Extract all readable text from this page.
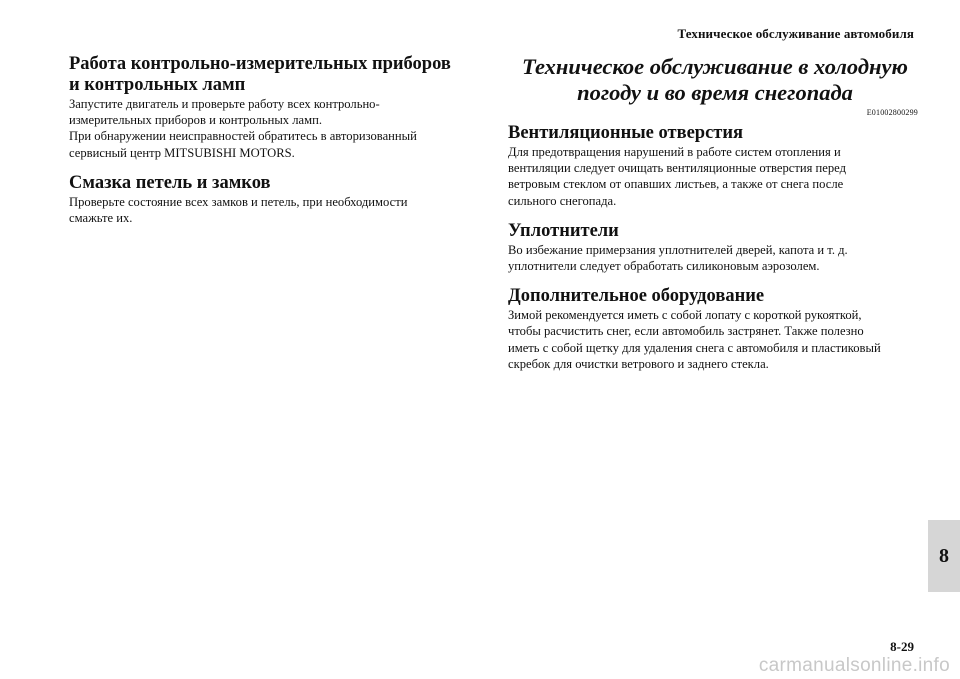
Техническое обслуживание автомобиля
Работа контрольно-измерительных приборов
и контрольных ламп

Запустите двигатель и проверьте работу всех контрольно-
измерительных приборов и контрольных ламп.
При обнаружении неисправностей обратитесь в авторизованный
сервисный центр MITSUBISHI MOTORS.

Смазка петель и замков

Проверьте состояние всех замков и петель, при необходимости
смажьте их.

Техническое обслуживание в холодную
погоду и во время снегопада
E01002800299
Вентиляционные отверстия

Для предотвращения нарушений в работе систем отопления и
вентиляции следует очищать вентиляционные отверстия перед
ветровым стеклом от опавших листьев, а также от снега после
сильного снегопада.

Уплотнители

Во избежание примерзания уплотнителей дверей, капота и т. д.
уплотнители следует обработать силиконовым аэрозолем.

Дополнительное оборудование

Зимой рекомендуется иметь с собой лопату с короткой рукояткой,
чтобы расчистить снег, если автомобиль застрянет. Также полезно
иметь с собой щетку для удаления снега с автомобиля и пластиковый
скребок для очистки ветрового и заднего стекла.

8
8-29
carmanualsonline.info
